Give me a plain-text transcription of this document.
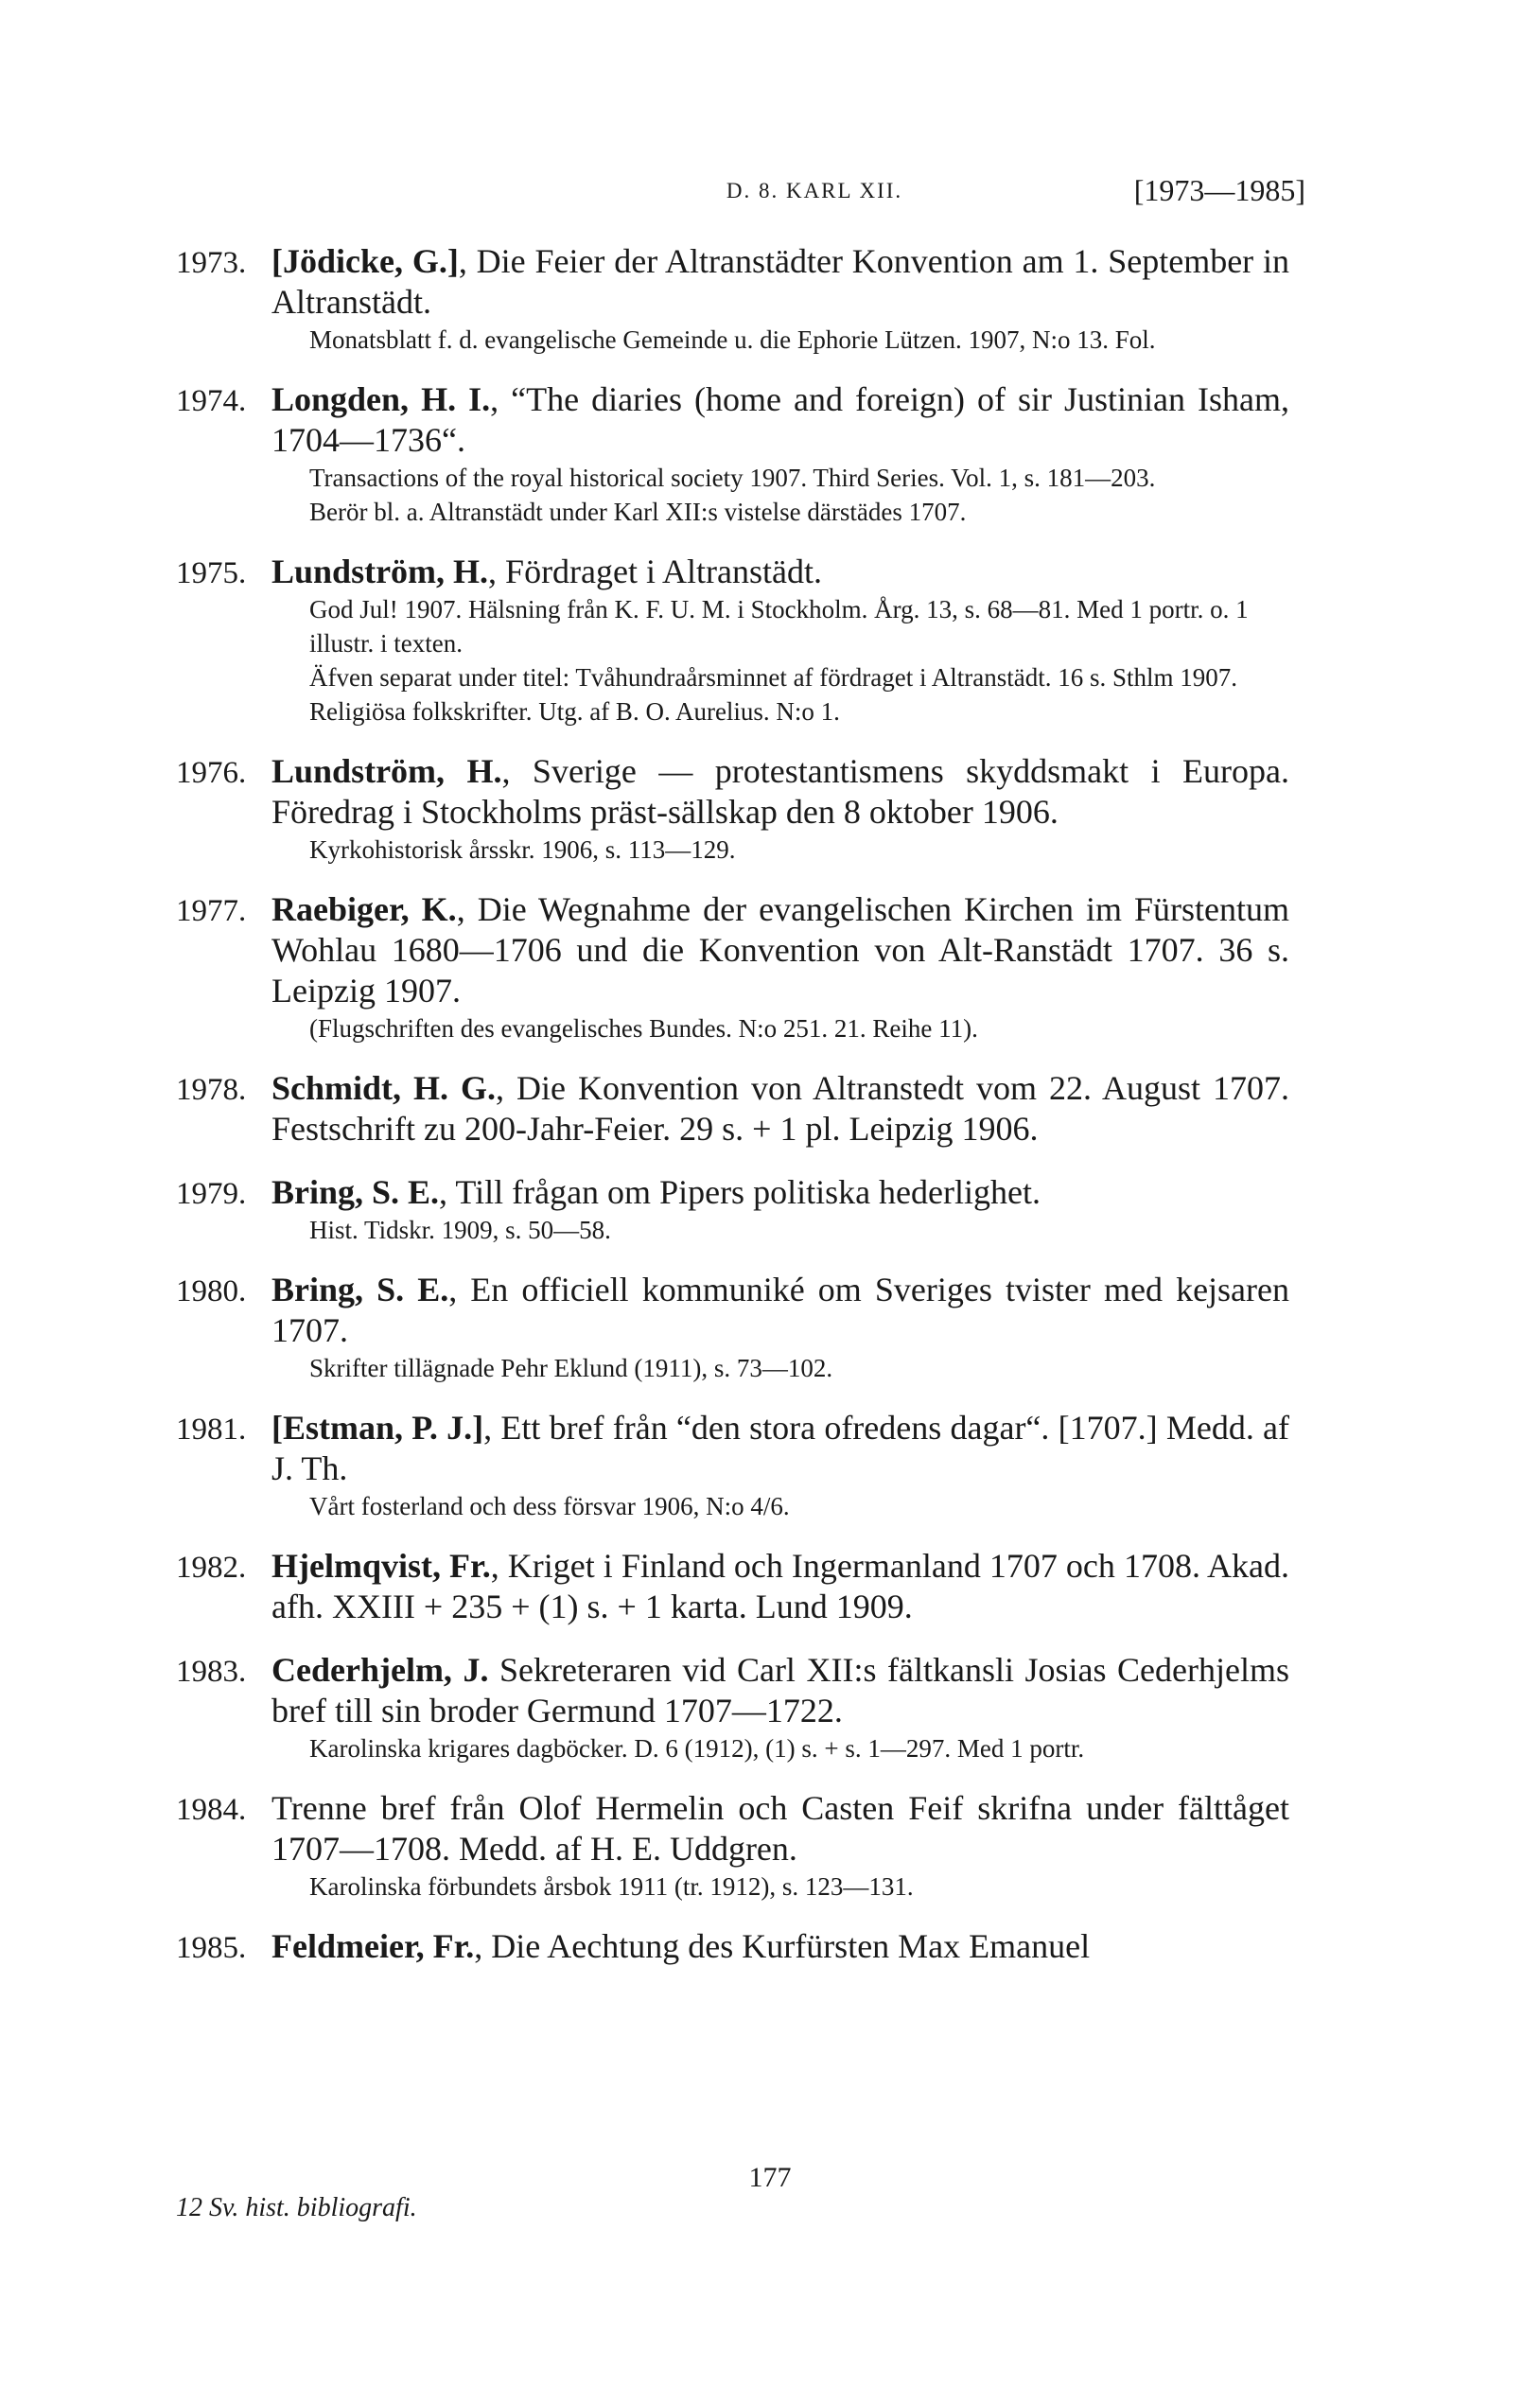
D. 8. KARL XII.	[1973—1985]
1973. [Jödicke, G.], Die Feier der Altranstädter Konvention am 1. September in Altranstädt.
Monatsblatt f. d. evangelische Gemeinde u. die Ephorie Lützen. 1907, N:o 13. Fol.
1974. Longden, H. I., “The diaries (home and foreign) of sir Justinian Isham, 1704—1736“.
Transactions of the royal historical society 1907. Third Series. Vol. 1, s. 181—203.
Berör bl. a. Altranstädt under Karl XII:s vistelse därstädes 1707.
1975. Lundström, H., Fördraget i Altranstädt.
God Jul! 1907. Hälsning från K. F. U. M. i Stockholm. Årg. 13, s. 68—81. Med 1 portr. o. 1 illustr. i texten.
Äfven separat under titel: Tvåhundraårsminnet af fördraget i Altranstädt. 16 s. Sthlm 1907. Religiösa folkskrifter. Utg. af B. O. Aurelius. N:o 1.
1976. Lundström, H., Sverige — protestantismens skyddsmakt i Europa. Föredrag i Stockholms präst-sällskap den 8 oktober 1906.
Kyrkohistorisk årsskr. 1906, s. 113—129.
1977. Raebiger, K., Die Wegnahme der evangelischen Kirchen im Fürstentum Wohlau 1680—1706 und die Konvention von Alt-Ranstädt 1707. 36 s. Leipzig 1907.
(Flugschriften des evangelisches Bundes. N:o 251. 21. Reihe 11).
1978. Schmidt, H. G., Die Konvention von Altranstedt vom 22. August 1707. Festschrift zu 200-Jahr-Feier. 29 s. + 1 pl. Leipzig 1906.
1979. Bring, S. E., Till frågan om Pipers politiska hederlighet.
Hist. Tidskr. 1909, s. 50—58.
1980. Bring, S. E., En officiell kommuniké om Sveriges tvister med kejsaren 1707.
Skrifter tillägnade Pehr Eklund (1911), s. 73—102.
1981. [Estman, P. J.], Ett bref från “den stora ofredens dagar“. [1707.] Medd. af J. Th.
Vårt fosterland och dess försvar 1906, N:o 4/6.
1982. Hjelmqvist, Fr., Kriget i Finland och Ingermanland 1707 och 1708. Akad. afh. XXIII + 235 + (1) s. + 1 karta. Lund 1909.
1983. Cederhjelm, J. Sekreteraren vid Carl XII:s fältkansli Josias Cederhjelms bref till sin broder Germund 1707—1722.
Karolinska krigares dagböcker. D. 6 (1912), (1) s. + s. 1—297. Med 1 portr.
1984. Trenne bref från Olof Hermelin och Casten Feif skrifna under fälttåget 1707—1708. Medd. af H. E. Uddgren.
Karolinska förbundets årsbok 1911 (tr. 1912), s. 123—131.
1985. Feldmeier, Fr., Die Aechtung des Kurfürsten Max Emanuel
177
12 Sv. hist. bibliografi.
